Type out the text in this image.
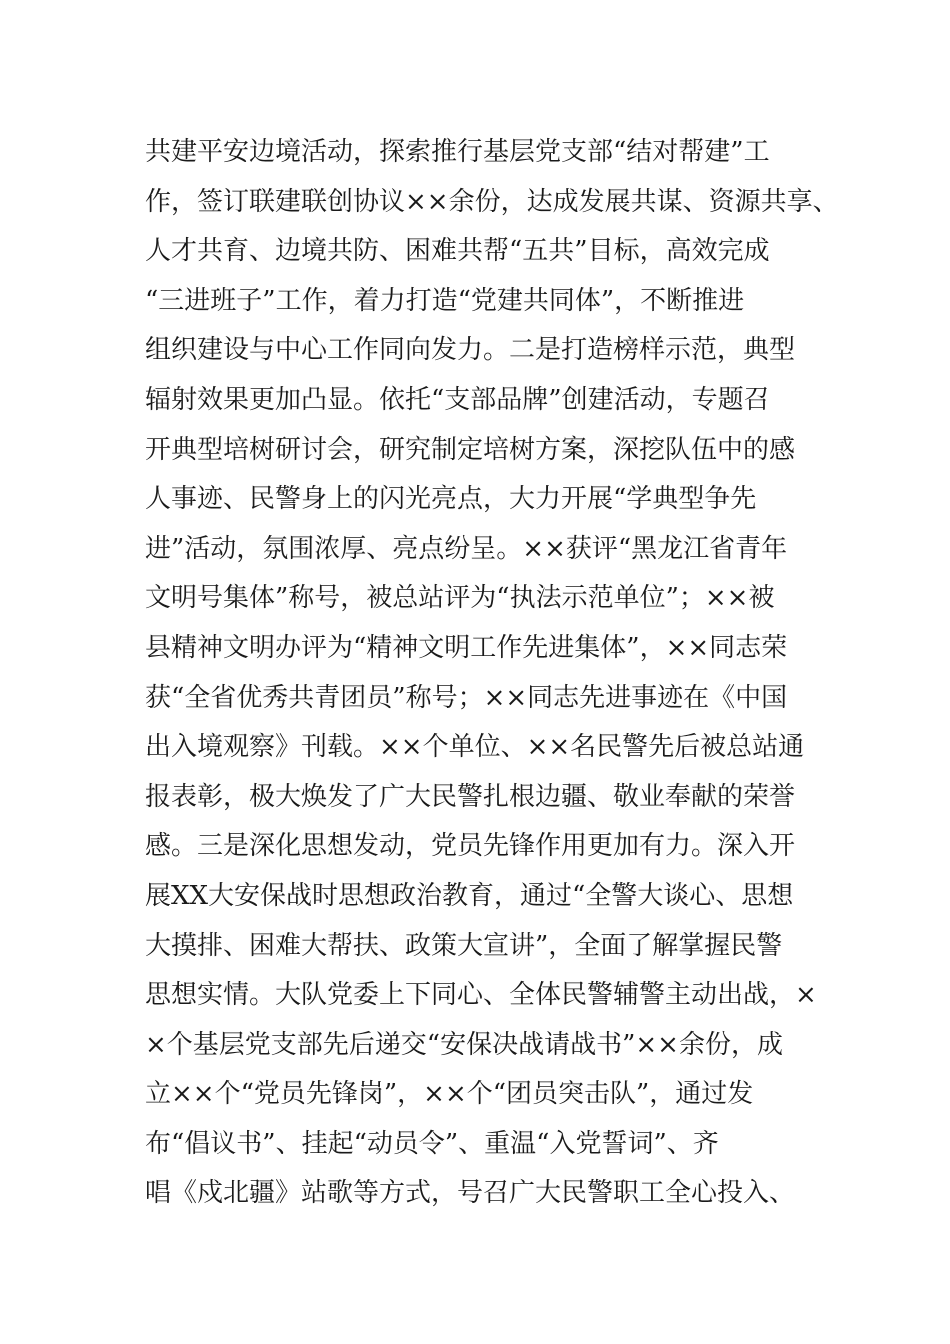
共建平安边境活动，探索推行基层党支部“结对帮建”工
作，签订联建联创协议××余份，达成发展共谋、资源共享、
人才共育、边境共防、困难共帮“五共”目标，高效完成
“三进班子”工作，着力打造“党建共同体”，不断推进
组织建设与中心工作同向发力。二是打造榜样示范，典型
辐射效果更加凸显。依托“支部品牌”创建活动，专题召
开典型培树研讨会，研究制定培树方案，深挖队伍中的感
人事迹、民警身上的闪光亮点，大力开展“学典型争先
进”活动，氛围浓厚、亮点纷呈。××获评“黑龙江省青年
文明号集体”称号，被总站评为“执法示范单位”；××被
县精神文明办评为“精神文明工作先进集体”，××同志荣
获“全省优秀共青团员”称号；××同志先进事迹在《中国
出入境观察》刊载。××个单位、××名民警先后被总站通
报表彰，极大焕发了广大民警扎根边疆、敬业奉献的荣誉
感。三是深化思想发动，党员先锋作用更加有力。深入开
展XX大安保战时思想政治教育，通过“全警大谈心、思想
大摸排、困难大帮扶、政策大宣讲”，全面了解掌握民警
思想实情。大队党委上下同心、全体民警辅警主动出战，×
×个基层党支部先后递交“安保决战请战书”××余份，成
立××个“党员先锋岗”，××个“团员突击队”，通过发
布“倡议书”、挂起“动员令”、重温“入党誓词”、齐
唱《戍北疆》站歌等方式，号召广大民警职工全心投入、
